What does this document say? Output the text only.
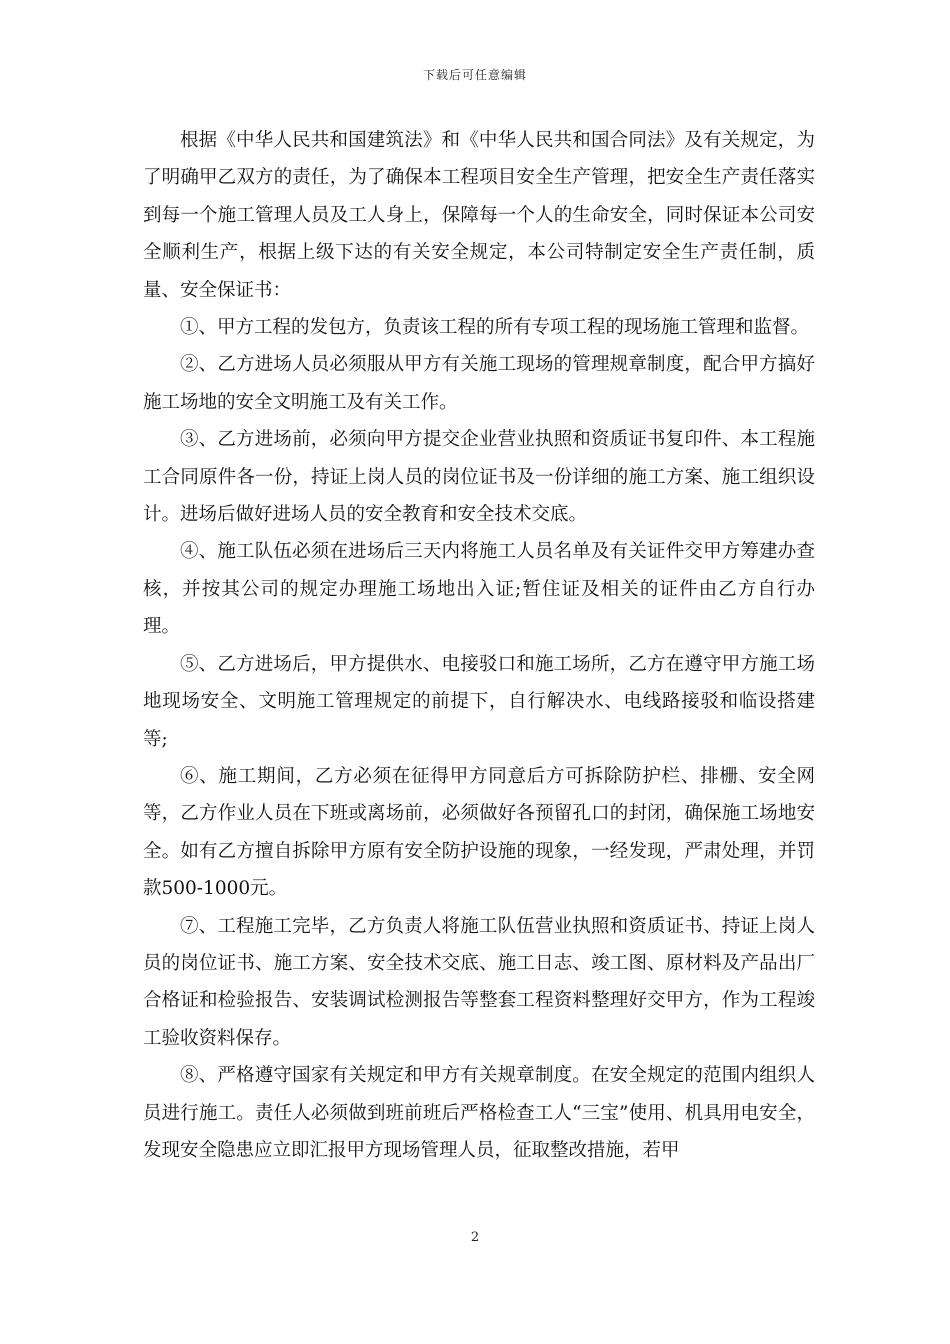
下载后可任意编辑

根据《中华人民共和国建筑法》和《中华人民共和国合同法》及有关规定，为了明确甲乙双方的责任，为了确保本工程项目安全生产管理，把安全生产责任落实到每一个施工管理人员及工人身上，保障每一个人的生命安全，同时保证本公司安全顺利生产，根据上级下达的有关安全规定，本公司特制定安全生产责任制，质量、安全保证书：

①、甲方工程的发包方，负责该工程的所有专项工程的现场施工管理和监督。

②、乙方进场人员必须服从甲方有关施工现场的管理规章制度，配合甲方搞好施工场地的安全文明施工及有关工作。

③、乙方进场前，必须向甲方提交企业营业执照和资质证书复印件、本工程施工合同原件各一份，持证上岗人员的岗位证书及一份详细的施工方案、施工组织设计。进场后做好进场人员的安全教育和安全技术交底。

④、施工队伍必须在进场后三天内将施工人员名单及有关证件交甲方筹建办查核，并按其公司的规定办理施工场地出入证;暂住证及相关的证件由乙方自行办理。

⑤、乙方进场后，甲方提供水、电接驳口和施工场所，乙方在遵守甲方施工场地现场安全、文明施工管理规定的前提下，自行解决水、电线路接驳和临设搭建等;

⑥、施工期间，乙方必须在征得甲方同意后方可拆除防护栏、排栅、安全网等，乙方作业人员在下班或离场前，必须做好各预留孔口的封闭，确保施工场地安全。如有乙方擅自拆除甲方原有安全防护设施的现象，一经发现，严肃处理，并罚款500-1000元。

⑦、工程施工完毕，乙方负责人将施工队伍营业执照和资质证书、持证上岗人员的岗位证书、施工方案、安全技术交底、施工日志、竣工图、原材料及产品出厂合格证和检验报告、安装调试检测报告等整套工程资料整理好交甲方，作为工程竣工验收资料保存。

⑧、严格遵守国家有关规定和甲方有关规章制度。在安全规定的范围内组织人员进行施工。责任人必须做到班前班后严格检查工人“三宝”使用、机具用电安全，发现安全隐患应立即汇报甲方现场管理人员，征取整改措施，若甲

2
